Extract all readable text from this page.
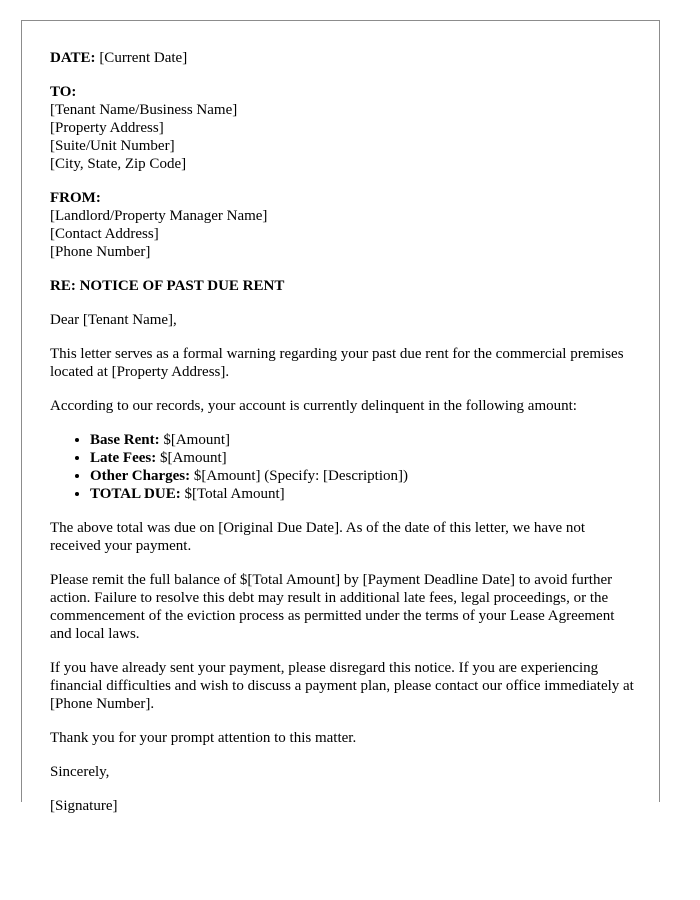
DATE: [Current Date]
TO:
[Tenant Name/Business Name]
[Property Address]
[Suite/Unit Number]
[City, State, Zip Code]
FROM:
[Landlord/Property Manager Name]
[Contact Address]
[Phone Number]
RE: NOTICE OF PAST DUE RENT

Dear [Tenant Name],

This letter serves as a formal warning regarding your past due rent for the commercial premises located at [Property Address].

According to our records, your account is currently delinquent in the following amount:

• Base Rent: $[Amount]
• Late Fees: $[Amount]
• Other Charges: $[Amount] (Specify: [Description])
• TOTAL DUE: $[Total Amount]

The above total was due on [Original Due Date]. As of the date of this letter, we have not received your payment.

Please remit the full balance of $[Total Amount] by [Payment Deadline Date] to avoid further action. Failure to resolve this debt may result in additional late fees, legal proceedings, or the commencement of the eviction process as permitted under the terms of your Lease Agreement and local laws.

If you have already sent your payment, please disregard this notice. If you are experiencing financial difficulties and wish to discuss a payment plan, please contact our office immediately at [Phone Number].

Thank you for your prompt attention to this matter.

Sincerely,

[Signature]
